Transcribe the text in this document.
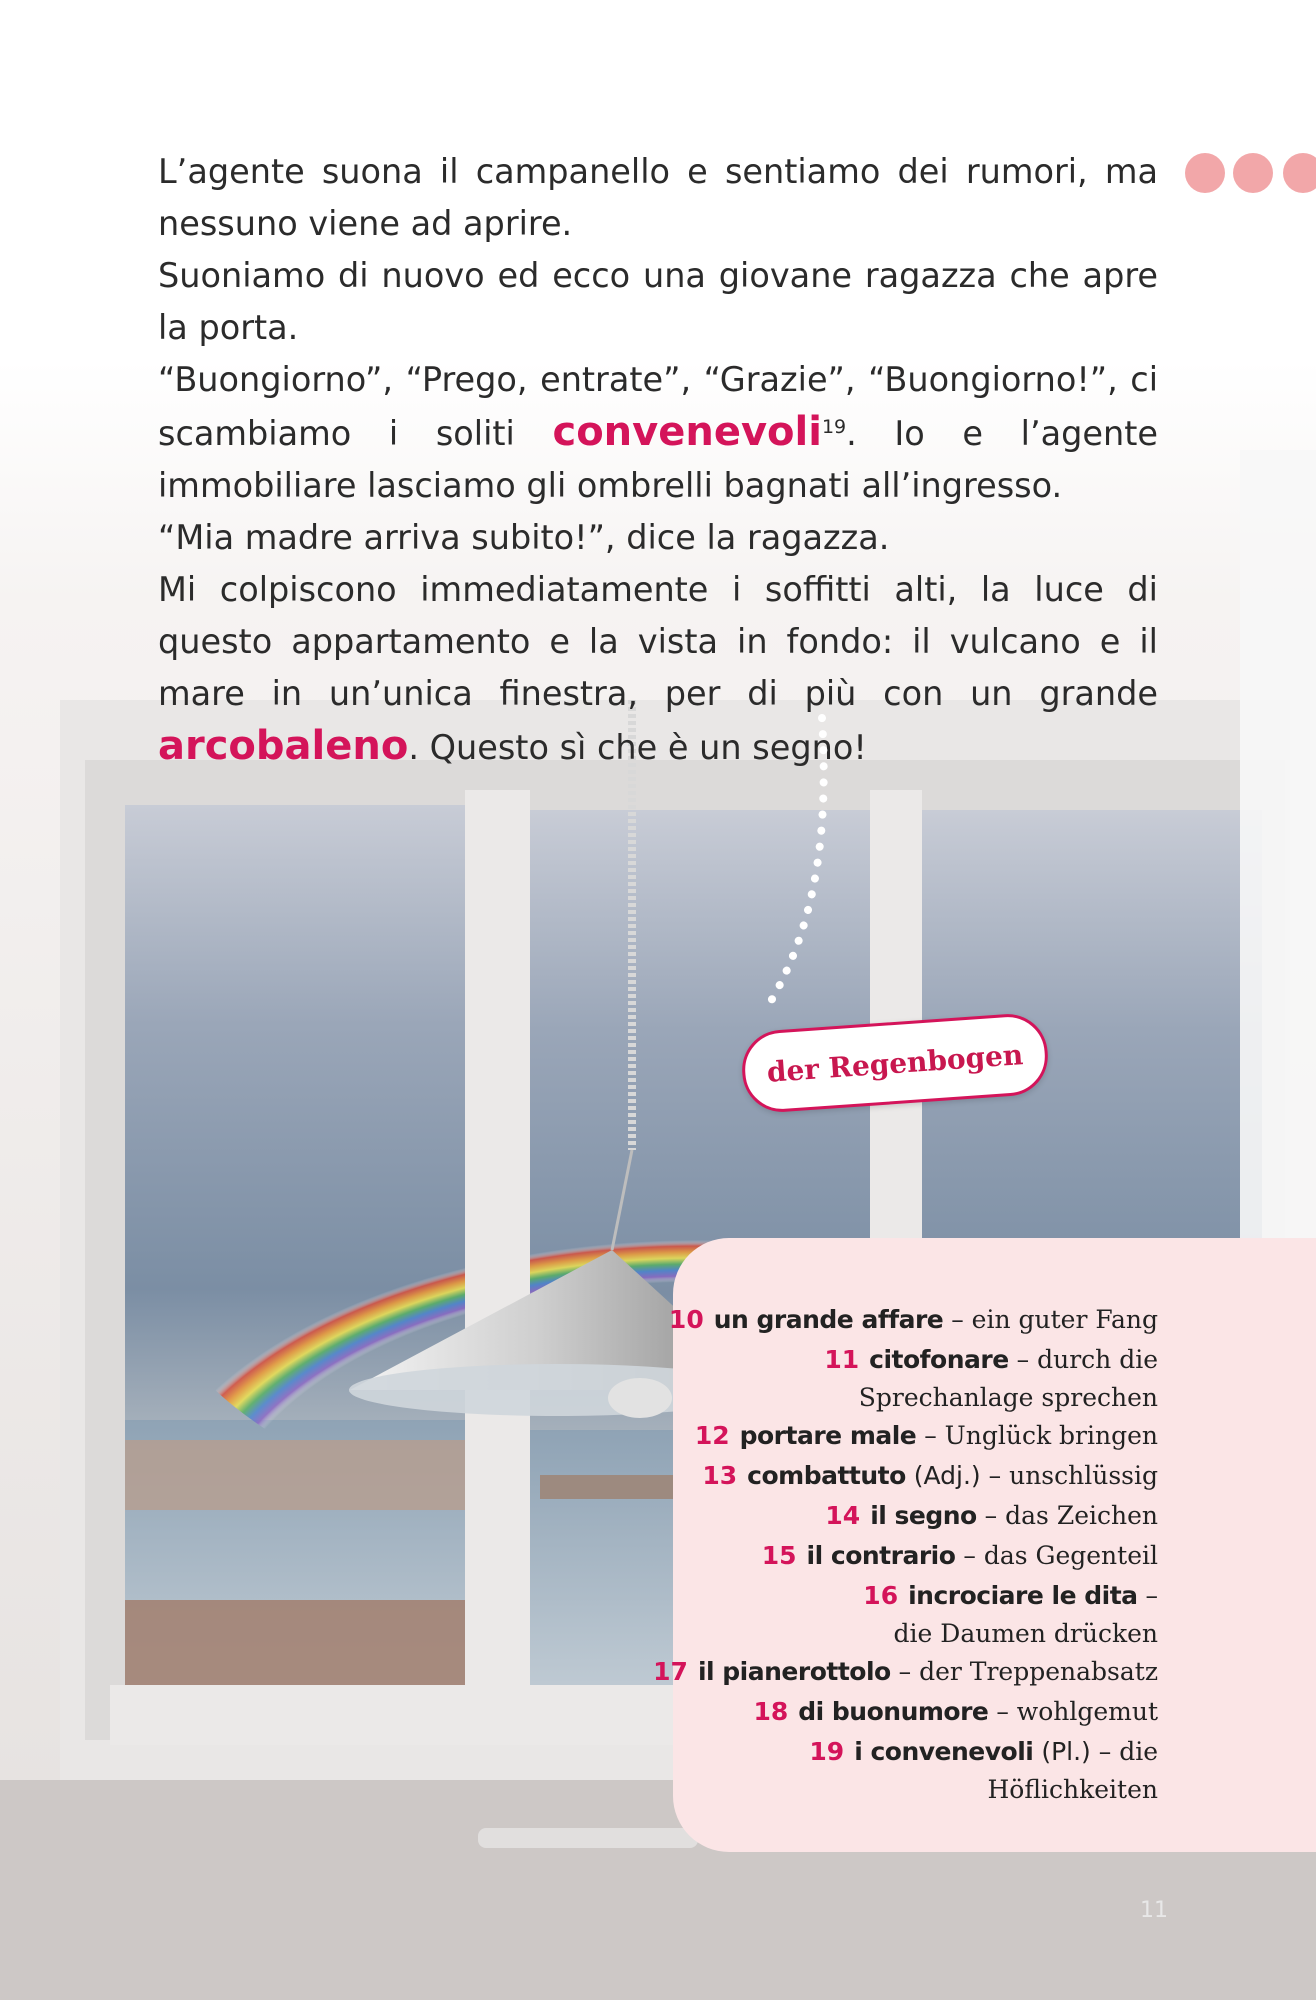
L’agente suona il campanello e sentiamo dei rumori, ma nessuno viene ad aprire.

Suoniamo di nuovo ed ecco una giovane ragazza che apre la porta.

“Buongiorno”, “Prego, entrate”, “Grazie”, “Buongiorno!”, ci scambiamo i soliti convenevoli$^{19}$. Io e l’agente immobiliare lasciamo gli ombrelli bagnati all’ingresso.

“Mia madre arriva subito!”, dice la ragazza.

Mi colpiscono immediatamente i soffitti alti, la luce di questo appartamento e la vista in fondo: il vulcano e il mare in un’unica finestra, per di più con un grande arcobaleno. Questo sì che è un segno!

der Regenbogen
10 un grande affare – ein guter Fang
11 citofonare – durch die
Sprechanlage sprechen
12 portare male – Unglück bringen
13 combattuto (Adj.) – unschlüssig
14 il segno – das Zeichen
15 il contrario – das Gegenteil
16 incrociare le dita –
die Daumen drücken
17 il pianerottolo – der Treppenabsatz
18 di buonumore – wohlgemut
19 i convenevoli (Pl.) – die
Höflichkeiten
11
